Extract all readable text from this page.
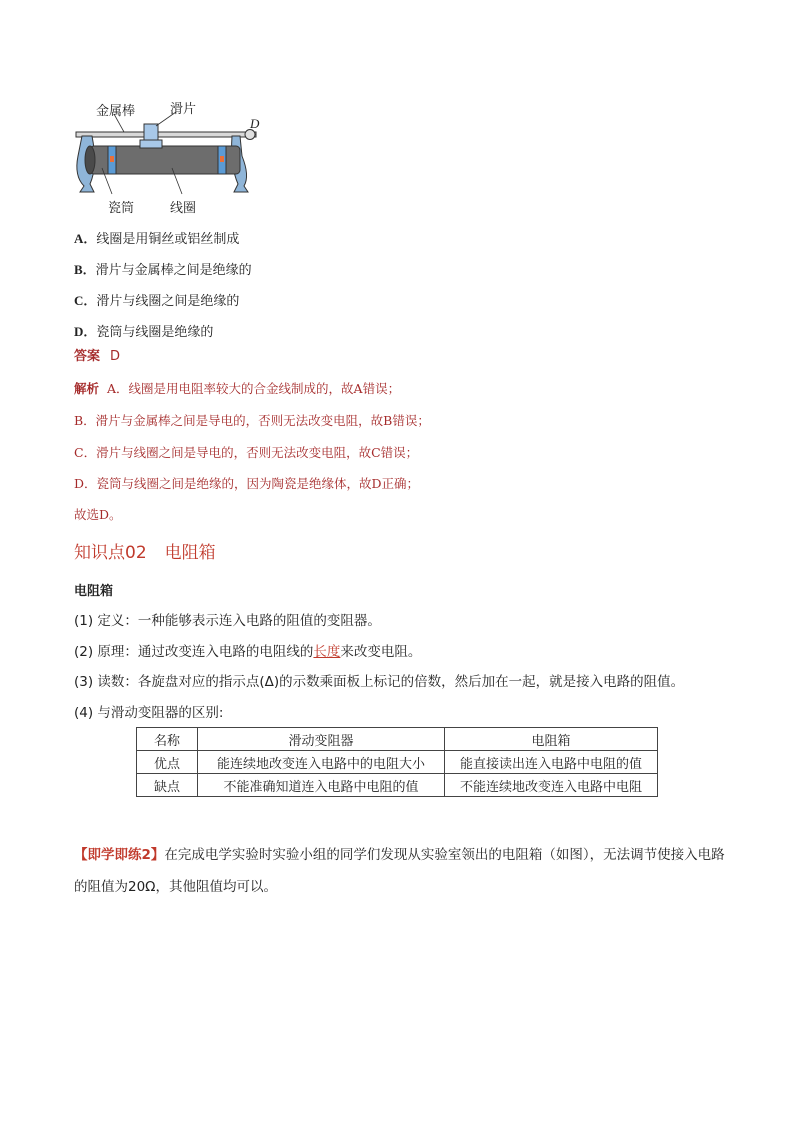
金属棒	滑片
D
瓷筒	线圈
A．线圈是用铜丝或铝丝制成
B．滑片与金属棒之间是绝缘的
C．滑片与线圈之间是绝缘的
D．瓷筒与线圈是绝缘的
答案 D
解析 A．线圈是用电阻率较大的合金线制成的，故A错误；
B．滑片与金属棒之间是导电的，否则无法改变电阻，故B错误；
C．滑片与线圈之间是导电的，否则无法改变电阻，故C错误；
D．瓷筒与线圈之间是绝缘的，因为陶瓷是绝缘体，故D正确；
故选D。
知识点02 电阻箱
电阻箱
(1) 定义：一种能够表示连入电路的阻值的变阻器。
(2) 原理：通过改变连入电路的电阻线的长度来改变电阻。
(3) 读数：各旋盘对应的指示点(Δ)的示数乘面板上标记的倍数，然后加在一起，就是接入电路的阻值。
(4) 与滑动变阻器的区别:
名称	滑动变阻器	电阻箱
优点	能连续地改变连入电路中的电阻大小	能直接读出连入电路中电阻的值
缺点	不能准确知道连入电路中电阻的值	不能连续地改变连入电路中电阻
【即学即练2】在完成电学实验时实验小组的同学们发现从实验室领出的电阻箱（如图），无法调节使接入电路的阻值为20Ω，其他阻值均可以。
